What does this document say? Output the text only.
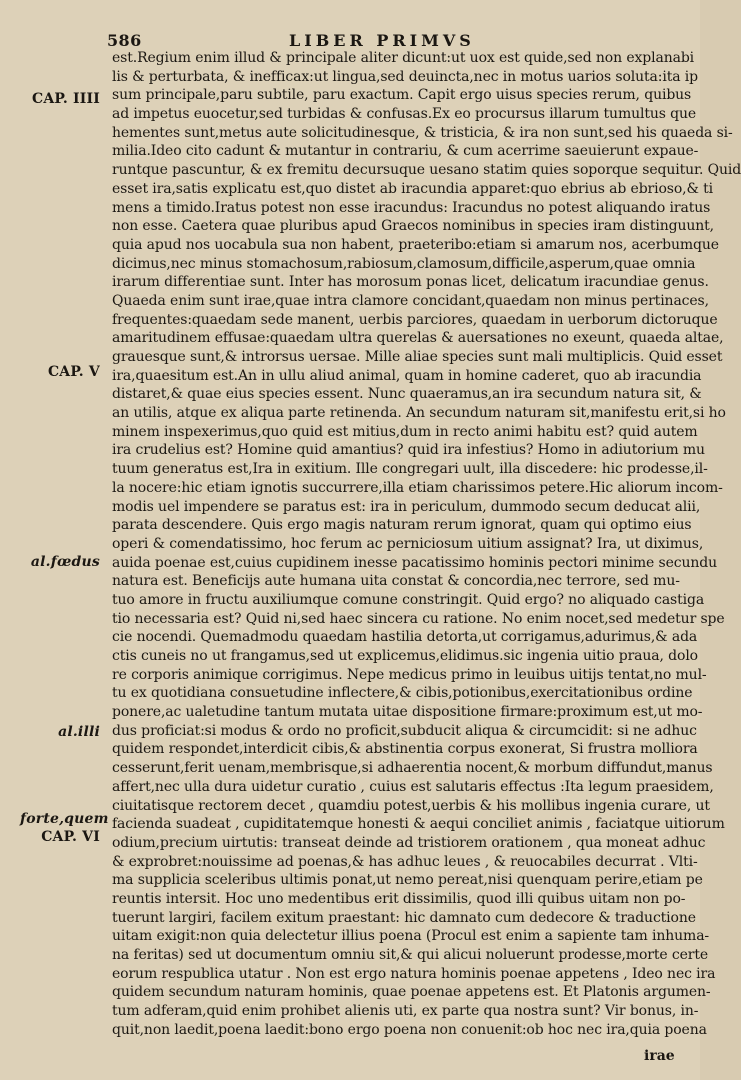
586	LIBER PRIMVS
CAP. IIII
CAP. V
al.fœdus
al.illi
forte,quem
CAP. VI
est.Regium enim illud & principale aliter dicunt:ut uox est quide,sed non explanabi
lis & perturbata, & inefficax:ut lingua,sed deuincta,nec in motus uarios soluta:ita ip
sum principale,paru subtile, paru exactum. Capit ergo uisus species rerum, quibus
ad impetus euocetur,sed turbidas & confusas.Ex eo procursus illarum tumultus que
hementes sunt,metus aute solicitudinesque, & tristicia, & ira non sunt,sed his quaeda si-
milia.Ideo cito cadunt & mutantur in contrariu, & cum acerrime saeuierunt expaue-
runtque pascuntur, & ex fremitu decursuque uesano statim quies soporque sequitur. Quid
esset ira,satis explicatu est,quo distet ab iracundia apparet:quo ebrius ab ebrioso,& ti
mens a timido.Iratus potest non esse iracundus: Iracundus no potest aliquando iratus
non esse. Caetera quae pluribus apud Graecos nominibus in species iram distinguunt,
quia apud nos uocabula sua non habent, praeteribo:etiam si amarum nos, acerbumque
dicimus,nec minus stomachosum,rabiosum,clamosum,difficile,asperum,quae omnia
irarum differentiae sunt. Inter has morosum ponas licet, delicatum iracundiae genus.
Quaeda enim sunt irae,quae intra clamore concidant,quaedam non minus pertinaces,
frequentes:quaedam sede manent, uerbis parciores, quaedam in uerborum dictoruque
amaritudinem effusae:quaedam ultra querelas & auersationes no exeunt, quaeda altae,
grauesque sunt,& introrsus uersae. Mille aliae species sunt mali multiplicis. Quid esset
ira,quaesitum est.An in ullu aliud animal, quam in homine caderet, quo ab iracundia
distaret,& quae eius species essent. Nunc quaeramus,an ira secundum natura sit, &
an utilis, atque ex aliqua parte retinenda. An secundum naturam sit,manifestu erit,si ho
minem inspexerimus,quo quid est mitius,dum in recto animi habitu est? quid autem
ira crudelius est? Homine quid amantius? quid ira infestius? Homo in adiutorium mu
tuum generatus est,Ira in exitium. Ille congregari uult, illa discedere: hic prodesse,il-
la nocere:hic etiam ignotis succurrere,illa etiam charissimos petere.Hic aliorum incom-
modis uel impendere se paratus est: ira in periculum, dummodo secum deducat alii,
parata descendere. Quis ergo magis naturam rerum ignorat, quam qui optimo eius
operi & comendatissimo, hoc ferum ac perniciosum uitium assignat? Ira, ut diximus,
auida poenae est,cuius cupidinem inesse pacatissimo hominis pectori minime secundu
natura est. Beneficijs aute humana uita constat & concordia,nec terrore, sed mu-
tuo amore in fructu auxiliumque comune constringit. Quid ergo? no aliquado castiga
tio necessaria est? Quid ni,sed haec sincera cu ratione. No enim nocet,sed medetur spe
cie nocendi. Quemadmodu quaedam hastilia detorta,ut corrigamus,adurimus,& ada
ctis cuneis no ut frangamus,sed ut explicemus,elidimus.sic ingenia uitio praua, dolo
re corporis animique corrigimus. Nepe medicus primo in leuibus uitijs tentat,no mul-
tu ex quotidiana consuetudine inflectere,& cibis,potionibus,exercitationibus ordine
ponere,ac ualetudine tantum mutata uitae dispositione firmare:proximum est,ut mo-
dus proficiat:si modus & ordo no proficit,subducit aliqua & circumcidit: si ne adhuc
quidem respondet,interdicit cibis,& abstinentia corpus exonerat, Si frustra molliora
cesserunt,ferit uenam,membrisque,si adhaerentia nocent,& morbum diffundut,manus
affert,nec ulla dura uidetur curatio , cuius est salutaris effectus :Ita legum praesidem,
ciuitatisque rectorem decet , quamdiu potest,uerbis & his mollibus ingenia curare, ut
facienda suadeat , cupiditatemque honesti & aequi conciliet animis , faciatque uitiorum
odium,precium uirtutis: transeat deinde ad tristiorem orationem , qua moneat adhuc
& exprobret:nouissime ad poenas,& has adhuc leues , & reuocabiles decurrat . Vlti-
ma supplicia sceleribus ultimis ponat,ut nemo pereat,nisi quenquam perire,etiam pe
reuntis intersit. Hoc uno medentibus erit dissimilis, quod illi quibus uitam non po-
tuerunt largiri, facilem exitum praestant: hic damnato cum dedecore & traductione
uitam exigit:non quia delectetur illius poena (Procul est enim a sapiente tam inhuma-
na feritas) sed ut documentum omniu sit,& qui alicui noluerunt prodesse,morte certe
eorum respublica utatur . Non est ergo natura hominis poenae appetens , Ideo nec ira
quidem secundum naturam hominis, quae poenae appetens est. Et Platonis argumen-
tum adferam,quid enim prohibet alienis uti, ex parte qua nostra sunt? Vir bonus, in-
quit,non laedit,poena laedit:bono ergo poena non conuenit:ob hoc nec ira,quia poena
irae
